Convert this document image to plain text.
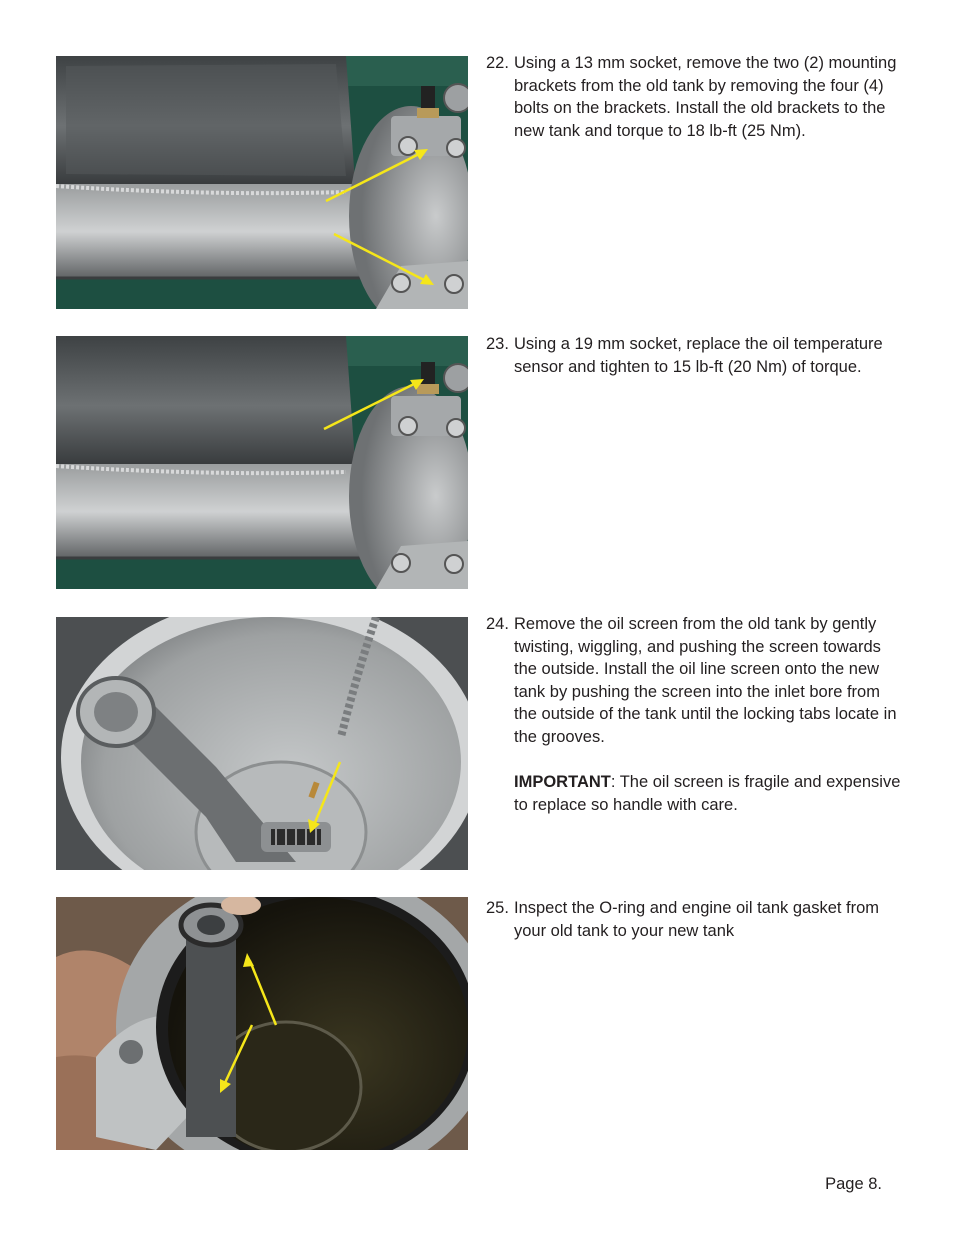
22. Using a 13 mm socket, remove the two (2) mounting brackets from the old tank by removing the four (4) bolts on the brackets. Install the old brackets to the new tank and torque to 18 lb-ft (25 Nm).
23. Using a 19 mm socket, replace the oil temperature sensor and tighten to 15 lb-ft (20 Nm) of torque.
24. Remove the oil screen from the old tank by gently twisting, wiggling, and pushing the screen towards the outside. Install the oil line screen onto the new tank by pushing the screen into the inlet bore from the outside of the tank until the locking tabs locate in the grooves.
IMPORTANT: The oil screen is fragile and expensive to replace so handle with care.
25. Inspect the O-ring and engine oil tank gasket from your old tank to your new tank
Page 8.
